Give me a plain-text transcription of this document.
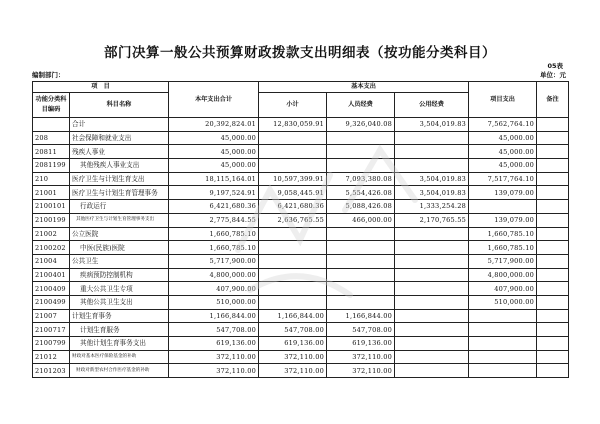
部门决算一般公共预算财政拨款支出明细表（按功能分类科目）
05表
编制部门：	单位：元
项　目		本年支出合计	基本支出			项目支出	备注
功能分类科目编码	科目名称		小计	人员经费	公用经费		
	合计	20,392,824.01	12,830,059.91	9,326,040.08	3,504,019.83	7,562,764.10	
208	社会保障和就业支出	45,000.00				45,000.00	
20811	残疾人事业	45,000.00				45,000.00	
2081199	其他残疾人事业支出	45,000.00				45,000.00	
210	医疗卫生与计划生育支出	18,115,164.01	10,597,399.91	7,093,380.08	3,504,019.83	7,517,764.10	
21001	医疗卫生与计划生育管理事务	9,197,524.91	9,058,445.91	5,554,426.08	3,504,019.83	139,079.00	
2100101	行政运行	6,421,680.36	6,421,680.36	5,088,426.08	1,333,254.28		
2100199	其他医疗卫生与计划生育管理事务支出	2,775,844.55	2,636,765.55	466,000.00	2,170,765.55	139,079.00	
21002	公立医院	1,660,785.10				1,660,785.10	
2100202	中医(民族)医院	1,660,785.10				1,660,785.10	
21004	公共卫生	5,717,900.00				5,717,900.00	
2100401	疾病预防控制机构	4,800,000.00				4,800,000.00	
2100409	重大公共卫生专项	407,900.00				407,900.00	
2100499	其他公共卫生支出	510,000.00				510,000.00	
21007	计划生育事务	1,166,844.00	1,166,844.00	1,166,844.00			
2100717	计划生育服务	547,708.00	547,708.00	547,708.00			
2100799	其他计划生育事务支出	619,136.00	619,136.00	619,136.00			
21012	财政对基本医疗保险基金的补助	372,110.00	372,110.00	372,110.00			
2101203	财政对新型农村合作医疗基金的补助	372,110.00	372,110.00	372,110.00			
